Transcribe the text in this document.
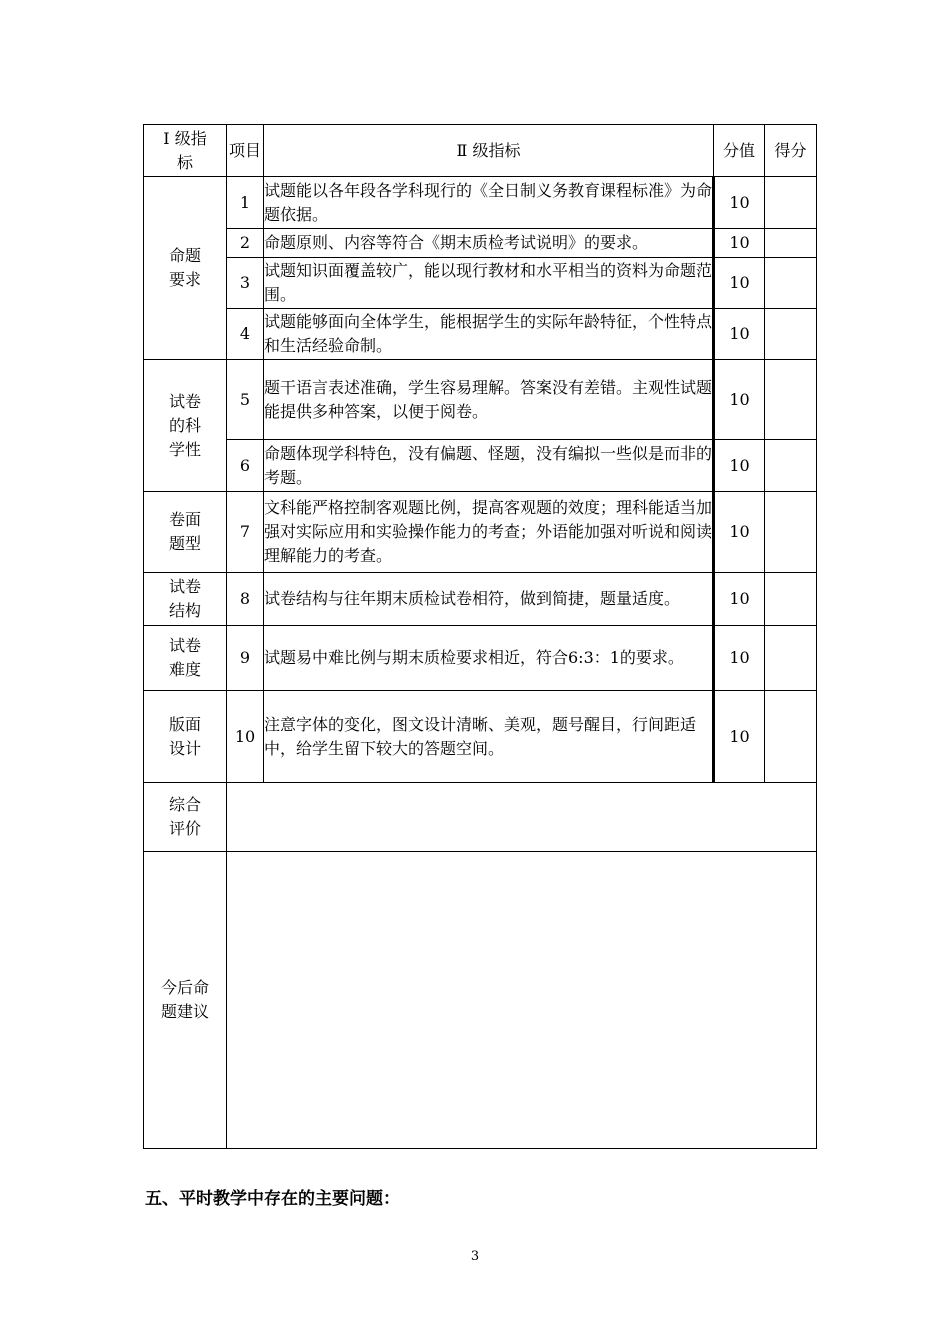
Ⅰ 级指标	项目	Ⅱ 级指标	分值	得分
命题
要求	1	试题能以各年段各学科现行的《全日制义务教育课程标准》为命题依据。	10	
	2	命题原则、内容等符合《期末质检考试说明》的要求。	10	
	3	试题知识面覆盖较广，能以现行教材和水平相当的资料为命题范围。	10	
	4	试题能够面向全体学生，能根据学生的实际年龄特征，个性特点和生活经验命制。	10	
试卷
的科
学性	5	题干语言表述准确，学生容易理解。答案没有差错。主观性试题能提供多种答案，以便于阅卷。	10	
	6	命题体现学科特色，没有偏题、怪题，没有编拟一些似是而非的考题。	10	
卷面
题型	7	文科能严格控制客观题比例，提高客观题的效度；理科能适当加强对实际应用和实验操作能力的考查；外语能加强对听说和阅读理解能力的考查。	10	
试卷
结构	8	试卷结构与往年期末质检试卷相符，做到简捷，题量适度。	10	
试卷
难度	9	试题易中难比例与期末质检要求相近，符合6:3：1的要求。	10	
版面
设计	10	注意字体的变化，图文设计清晰、美观，题号醒目，行间距适中，给学生留下较大的答题空间。	10	
综合
评价				
今后命
题建议				
五、平时教学中存在的主要问题：
3
